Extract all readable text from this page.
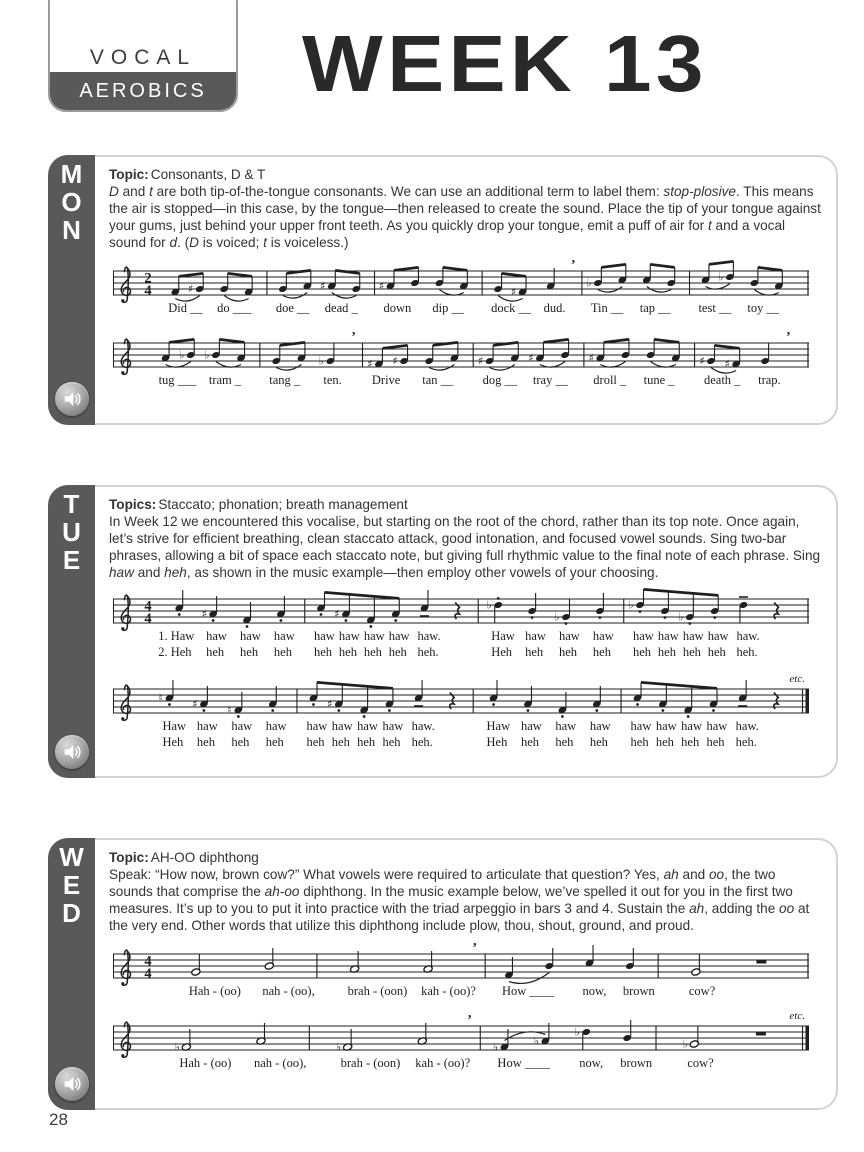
VOCAL
AEROBICS	WEEK 13
M
O
N

Topic: Consonants, D & T

D and t are both tip-of-the-tongue consonants. We can use an additional term to label them: stop-plosive. This means the air is stopped—in this case, by the tongue—then released to create the sound. Place the tip of your tongue against your gums, just behind your upper front teeth. As you quickly drop your tongue, emit a puff of air for t and a vocal sound for d. (D is voiced; t is voiceless.)

2
4
Did __
♯
do ___ doe __
♯
dead _
♯
down dip __ dock __
♯
dud.
’
♭
Tin __ tap __ test __
♭
toy __
tug ___
♭ ♭
tram _ tang _
♭
ten.
’
♯
Drive
♯
tan __
♯
dog __
♯
tray __
♯
droll _ tune _
♯
death _
♯
trap.
’
T
U
E

Topics: Staccato; phonation; breath management

In Week 12 we encountered this vocalise, but starting on the root of the chord, rather than its top note. Once again, let’s strive for efficient breathing, clean staccato attack, good intonation, and focused vowel sounds. Sing two-bar phrases, allowing a bit of space each staccato note, but giving full rhythmic value to the final note of each phrase. Sing haw and heh, as shown in the music example—then employ other vowels of your choosing.

4
4
1. Haw
2. Heh
♯
haw
heh
haw
heh
haw
heh
haw
heh
♯
haw
heh
haw
heh
haw
heh
haw.
heh.
♭
Haw
Heh
haw
heh
♭
haw
heh
haw
heh
♭
haw
heh
haw
heh
♭
haw
heh
haw
heh
haw.
heh.
etc.
♮
Haw
Heh
♯
haw
heh
♮
haw
heh
haw
heh
haw
heh
♯
haw
heh
haw
heh
haw
heh
haw.
heh.
Haw
Heh
haw
heh
haw
heh
haw
heh
haw
heh
haw
heh
haw
heh
haw
heh
haw.
heh.
W
E
D

Topic: AH-OO diphthong

Speak: “How now, brown cow?” What vowels were required to articulate that question? Yes, ah and oo, the two sounds that comprise the ah-oo diphthong. In the music example below, we’ve spelled it out for you in the first two measures. It’s up to you to put it into practice with the triad arpeggio in bars 3 and 4. Sustain the ah, adding the oo at the very end. Other words that utilize this diphthong include plow, thou, shout, ground, and proud.

4
4
Hah - (oo) nah - (oo),	brah - (oon) kah - (oo)?
’
How ____ now, brown	cow?
etc.
♭
Hah - (oo) nah - (oo),
♭
brah - (oon) kah - (oo)?
’
♭
How ____
♭
♭
now, brown
♭
cow?
28
